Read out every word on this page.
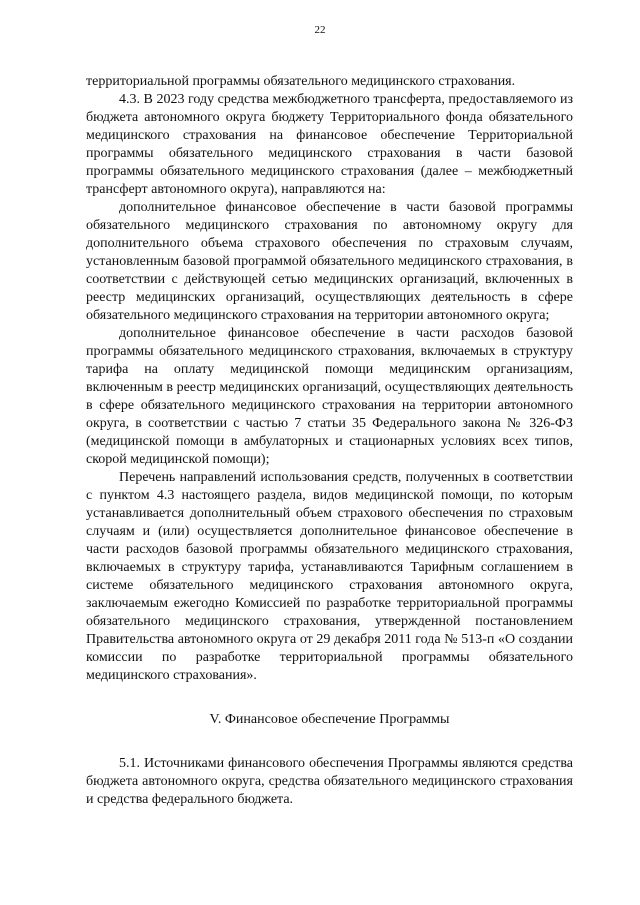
22

территориальной программы обязательного медицинского страхования.

4.3. В 2023 году средства межбюджетного трансферта, предоставляемого из бюджета автономного округа бюджету Территориального фонда обязательного медицинского страхования на финансовое обеспечение Территориальной программы обязательного медицинского страхования в части базовой программы обязательного медицинского страхования (далее – межбюджетный трансферт автономного округа), направляются на:

дополнительное финансовое обеспечение в части базовой программы обязательного медицинского страхования по автономному округу для дополнительного объема страхового обеспечения по страховым случаям, установленным базовой программой обязательного медицинского страхования, в соответствии с действующей сетью медицинских организаций, включенных в реестр медицинских организаций, осуществляющих деятельность в сфере обязательного медицинского страхования на территории автономного округа;

дополнительное финансовое обеспечение в части расходов базовой программы обязательного медицинского страхования, включаемых в структуру тарифа на оплату медицинской помощи медицинским организациям, включенным в реестр медицинских организаций, осуществляющих деятельность в сфере обязательного медицинского страхования на территории автономного округа, в соответствии с частью 7 статьи 35 Федерального закона № 326-ФЗ (медицинской помощи в амбулаторных и стационарных условиях всех типов, скорой медицинской помощи);

Перечень направлений использования средств, полученных в соответствии с пунктом 4.3 настоящего раздела, видов медицинской помощи, по которым устанавливается дополнительный объем страхового обеспечения по страховым случаям и (или) осуществляется дополнительное финансовое обеспечение в части расходов базовой программы обязательного медицинского страхования, включаемых в структуру тарифа, устанавливаются Тарифным соглашением в системе обязательного медицинского страхования автономного округа, заключаемым ежегодно Комиссией по разработке территориальной программы обязательного медицинского страхования, утвержденной постановлением Правительства автономного округа от 29 декабря 2011 года № 513-п «О создании комиссии по разработке территориальной программы обязательного медицинского страхования».

V. Финансовое обеспечение Программы

5.1. Источниками финансового обеспечения Программы являются средства бюджета автономного округа, средства обязательного медицинского страхования и средства федерального бюджета.
